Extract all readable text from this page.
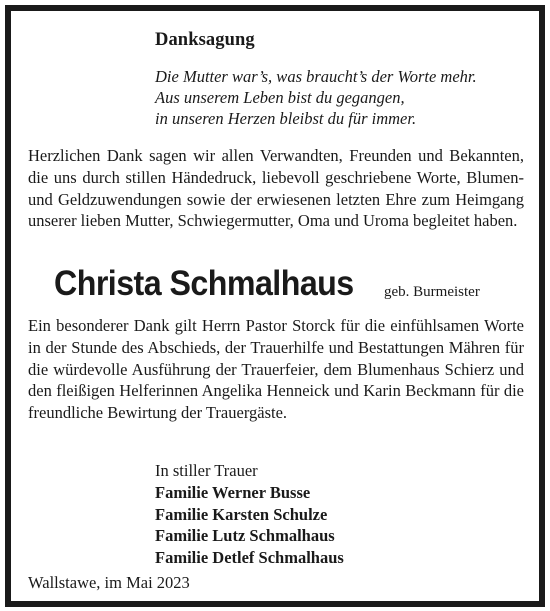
Danksagung
Die Mutter war’s, was braucht’s der Worte mehr.
Aus unserem Leben bist du gegangen,
in unseren Herzen bleibst du für immer.
Herzlichen Dank sagen wir allen Verwandten, Freunden und Bekannten, die uns durch stillen Händedruck, liebevoll geschriebene Worte, Blumen- und Geldzuwendungen sowie der erwiesenen letzten Ehre zum Heimgang unserer lieben Mutter, Schwiegermutter, Oma und Uroma begleitet haben.
Christa Schmalhaus geb. Burmeister
Ein besonderer Dank gilt Herrn Pastor Storck für die einfühlsamen Worte in der Stunde des Abschieds, der Trauerhilfe und Bestattungen Mähren für die würdevolle Ausführung der Trauerfeier, dem Blumenhaus Schierz und den fleißigen Helferinnen Angelika Henneick und Karin Beckmann für die freundliche Bewirtung der Trauergäste.
In stiller Trauer
Familie Werner Busse
Familie Karsten Schulze
Familie Lutz Schmalhaus
Familie Detlef Schmalhaus
Wallstawe, im Mai 2023
